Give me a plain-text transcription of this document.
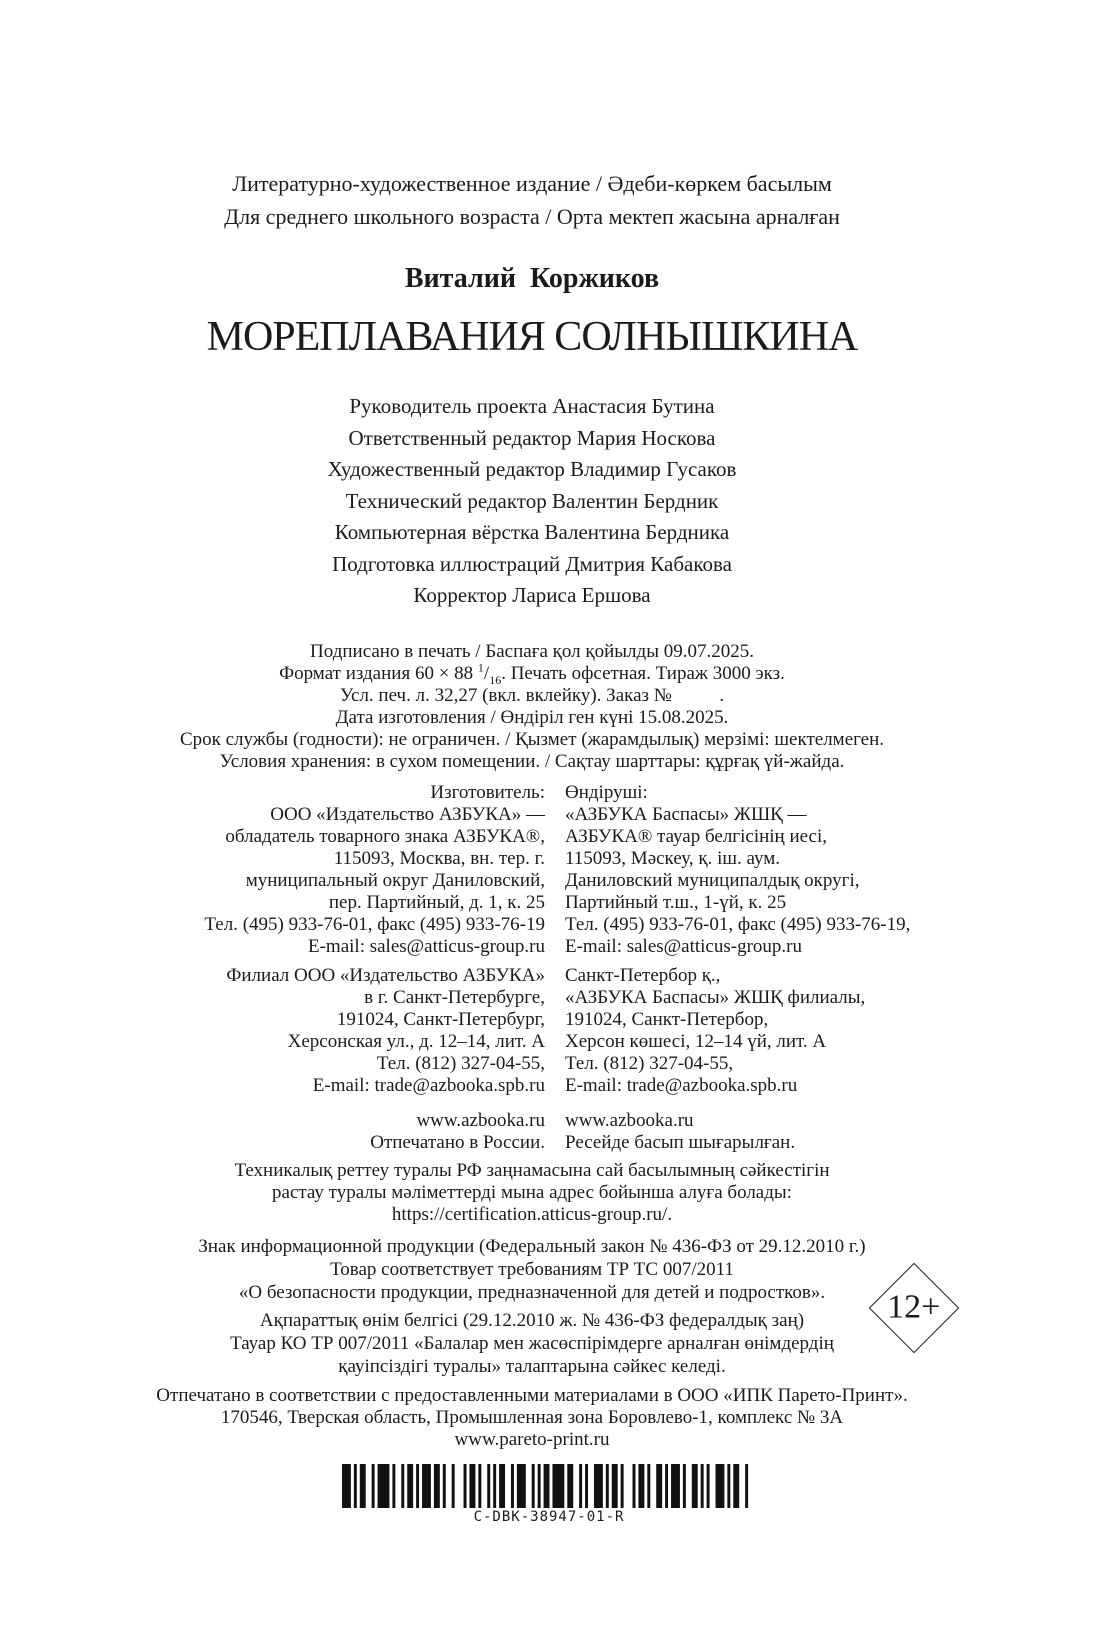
Литературно-художественное издание / Әдеби-көркем басылым
Для среднего школьного возраста / Орта мектеп жасына арналған
Виталий Коржиков
МОРЕПЛАВАНИЯ СОЛНЫШКИНА
Руководитель проекта Анастасия Бутина
Ответственный редактор Мария Носкова
Художественный редактор Владимир Гусаков
Технический редактор Валентин Бердник
Компьютерная вёрстка Валентина Бердника
Подготовка иллюстраций Дмитрия Кабакова
Корректор Лариса Ершова
Подписано в печать / Баспаға қол қойылды 09.07.2025.
Формат издания 60 × 88 $^1/_{16}$. Печать офсетная. Тираж 3000 экз.
Усл. печ. л. 32,27 (вкл. вклейку). Заказ №   .
Дата изготовления / Өндіріл ген күні 15.08.2025.
Срок службы (годности): не ограничен. / Қызмет (жарамдылық) мерзімі: шектелмеген.
Условия хранения: в сухом помещении. / Сақтау шарттары: құрғақ үй-жайда.
Изготовитель:
ООО «Издательство АЗБУКА» —
обладатель товарного знака АЗБУКА®,
115093, Москва, вн. тер. г.
муниципальный округ Даниловский,
пер. Партийный, д. 1, к. 25
Тел. (495) 933-76-01, факс (495) 933-76-19
E-mail: sales@atticus-group.ru
Филиал ООО «Издательство АЗБУКА»
в г. Санкт-Петербурге,
191024, Санкт-Петербург,
Херсонская ул., д. 12–14, лит. А
Тел. (812) 327-04-55,
E-mail: trade@azbooka.spb.ru
www.azbooka.ru
Отпечатано в России.
Өндіруші:
«АЗБУКА Баспасы» ЖШҚ —
АЗБУКА® тауар белгісінің иесі,
115093, Мәскеу, қ. іш. аум.
Даниловский муниципалдық округі,
Партийный т.ш., 1-үй, к. 25
Тел. (495) 933-76-01, факс (495) 933-76-19,
E-mail: sales@atticus-group.ru
Санкт-Петербор қ.,
«АЗБУКА Баспасы» ЖШҚ филиалы,
191024, Санкт-Петербор,
Херсон көшесі, 12–14 үй, лит. А
Тел. (812) 327-04-55,
E-mail: trade@azbooka.spb.ru
www.azbooka.ru
Ресейде басып шығарылған.
Техникалық реттеу туралы РФ заңнамасына сай басылымның сәйкестігін
растау туралы мәліметтерді мына адрес бойынша алуға болады:
https://certification.atticus-group.ru/.
Знак информационной продукции (Федеральный закон № 436-ФЗ от 29.12.2010 г.)
Товар соответствует требованиям ТР ТС 007/2011
«О безопасности продукции, предназначенной для детей и подростков».
Ақпараттық өнім белгісі (29.12.2010 ж. № 436-ФЗ федералдық заң)
Тауар КО ТР 007/2011 «Балалар мен жасөспірімдерге арналған өнімдердің
қауіпсіздігі туралы» талаптарына сәйкес келеді.
Отпечатано в соответствии с предоставленными материалами в ООО «ИПК Парето-Принт».
170546, Тверская область, Промышленная зона Боровлево-1, комплекс № 3А
www.pareto-print.ru
C-DBK-38947-01-R
12+
